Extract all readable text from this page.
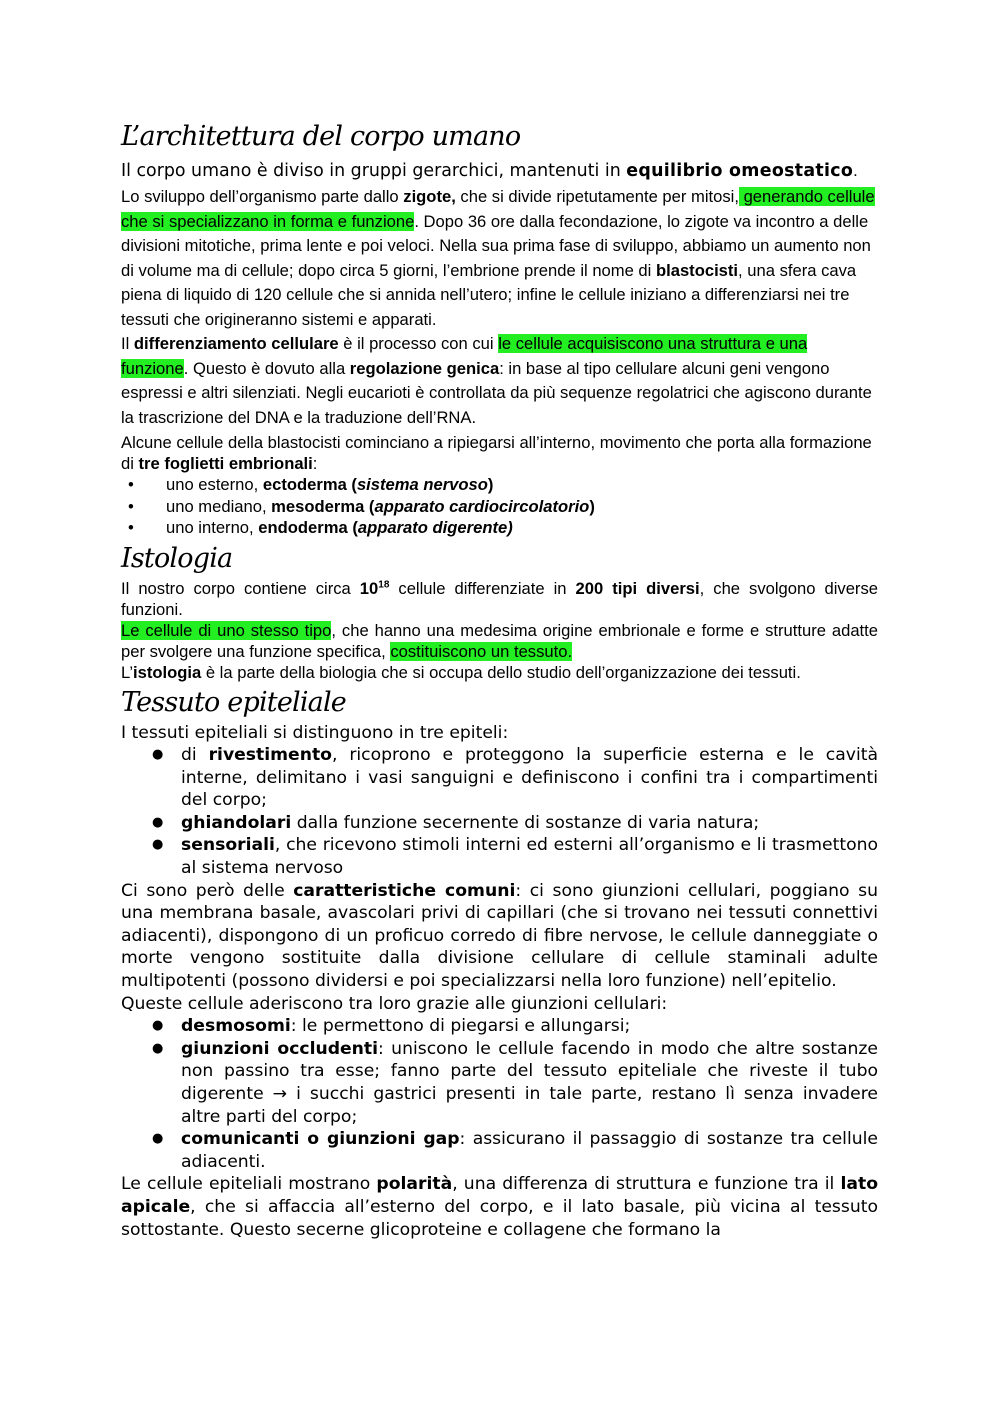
L’architettura del corpo umano

Il corpo umano è diviso in gruppi gerarchici, mantenuti in equilibrio omeostatico. Lo sviluppo dell’organismo parte dallo zigote, che si divide ripetutamente per mitosi, generando cellule che si specializzano in forma e funzione. Dopo 36 ore dalla fecondazione, lo zigote va incontro a delle divisioni mitotiche, prima lente e poi veloci. Nella sua prima fase di sviluppo, abbiamo un aumento non di volume ma di cellule; dopo circa 5 giorni, l’embrione prende il nome di blastocisti, una sfera cava piena di liquido di 120 cellule che si annida nell’utero; infine le cellule iniziano a differenziarsi nei tre tessuti che origineranno sistemi e apparati.

Il differenziamento cellulare è il processo con cui le cellule acquisiscono una struttura e una funzione. Questo è dovuto alla regolazione genica: in base al tipo cellulare alcuni geni vengono espressi e altri silenziati. Negli eucarioti è controllata da più sequenze regolatrici che agiscono durante la trascrizione del DNA e la traduzione dell’RNA.

Alcune cellule della blastocisti cominciano a ripiegarsi all’interno, movimento che porta alla formazione di tre foglietti embrionali:

• uno esterno, ectoderma (sistema nervoso)
• uno mediano, mesoderma (apparato cardiocircolatorio)
• uno interno, endoderma (apparato digerente)
Istologia

Il nostro corpo contiene circa $10^{18}$ cellule differenziate in 200 tipi diversi, che svolgono diverse funzioni.

Le cellule di uno stesso tipo, che hanno una medesima origine embrionale e forme e strutture adatte per svolgere una funzione specifica, costituiscono un tessuto.

L’istologia è la parte della biologia che si occupa dello studio dell’organizzazione dei tessuti.

Tessuto epiteliale

I tessuti epiteliali si distinguono in tre epiteli:

● di rivestimento, ricoprono e proteggono la superficie esterna e le cavità interne, delimitano i vasi sanguigni e definiscono i confini tra i compartimenti del corpo;
● ghiandolari dalla funzione secernente di sostanze di varia natura;
● sensoriali, che ricevono stimoli interni ed esterni all’organismo e li trasmettono al sistema nervoso

Ci sono però delle caratteristiche comuni: ci sono giunzioni cellulari, poggiano su una membrana basale, avascolari privi di capillari (che si trovano nei tessuti connettivi adiacenti), dispongono di un proficuo corredo di fibre nervose, le cellule danneggiate o morte vengono sostituite dalla divisione cellulare di cellule staminali adulte multipotenti (possono dividersi e poi specializzarsi nella loro funzione) nell’epitelio.

Queste cellule aderiscono tra loro grazie alle giunzioni cellulari:

● desmosomi: le permettono di piegarsi e allungarsi;
● giunzioni occludenti: uniscono le cellule facendo in modo che altre sostanze non passino tra esse; fanno parte del tessuto epiteliale che riveste il tubo digerente → i succhi gastrici presenti in tale parte, restano lì senza invadere altre parti del corpo;
● comunicanti o giunzioni gap: assicurano il passaggio di sostanze tra cellule adiacenti.

Le cellule epiteliali mostrano polarità, una differenza di struttura e funzione tra il lato apicale, che si affaccia all’esterno del corpo, e il lato basale, più vicina al tessuto sottostante. Questo secerne glicoproteine e collagene che formano la
